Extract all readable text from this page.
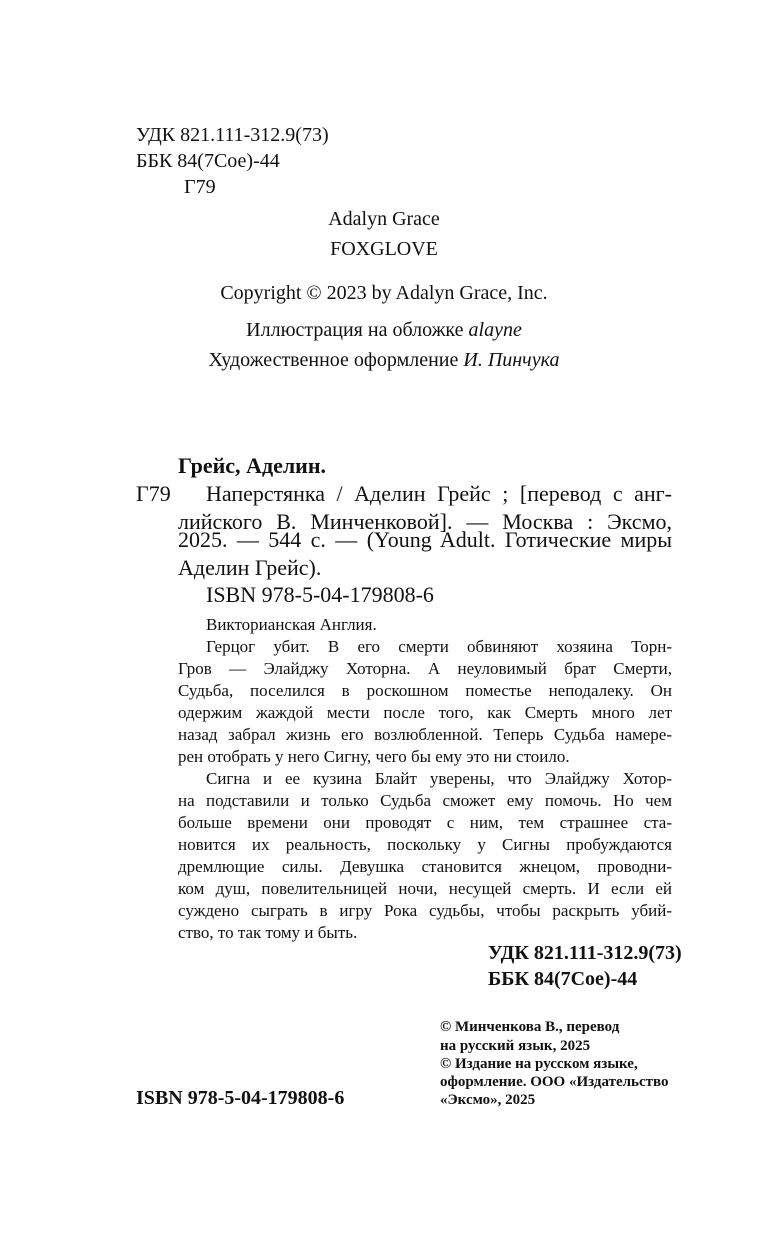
УДК 821.111-312.9(73)
ББК 84(7Сое)-44
Г79
Adalyn Grace
FOXGLOVE
Copyright © 2023 by Adalyn Grace, Inc.
Иллюстрация на обложке alayne
Художественное оформление И. Пинчука
Грейс, Аделин.
Г79 Наперстянка / Аделин Грейс ; [перевод с анг-
лийского В. Минченковой]. — Москва : Эксмо,
2025. — 544 с. — (Young Adult. Готические миры
Аделин Грейс).
ISBN 978-5-04-179808-6
Викторианская Англия.
Герцог убит. В его смерти обвиняют хозяина Торн-
Гров — Элайджу Хоторна. А неуловимый брат Смерти,
Судьба, поселился в роскошном поместье неподалеку. Он
одержим жаждой мести после того, как Смерть много лет
назад забрал жизнь его возлюбленной. Теперь Судьба намере-
рен отобрать у него Сигну, чего бы ему это ни стоило.
Сигна и ее кузина Блайт уверены, что Элайджу Хотор-
на подставили и только Судьба сможет ему помочь. Но чем
больше времени они проводят с ним, тем страшнее ста-
новится их реальность, поскольку у Сигны пробуждаются
дремлющие силы. Девушка становится жнецом, проводни-
ком душ, повелительницей ночи, несущей смерть. И если ей
суждено сыграть в игру Рока судьбы, чтобы раскрыть убий-
ство, то так тому и быть.
УДК 821.111-312.9(73)
ББК 84(7Сое)-44
© Минченкова В., перевод
на русский язык, 2025
© Издание на русском языке,
оформление. ООО «Издательство
«Эксмо», 2025
ISBN 978-5-04-179808-6
